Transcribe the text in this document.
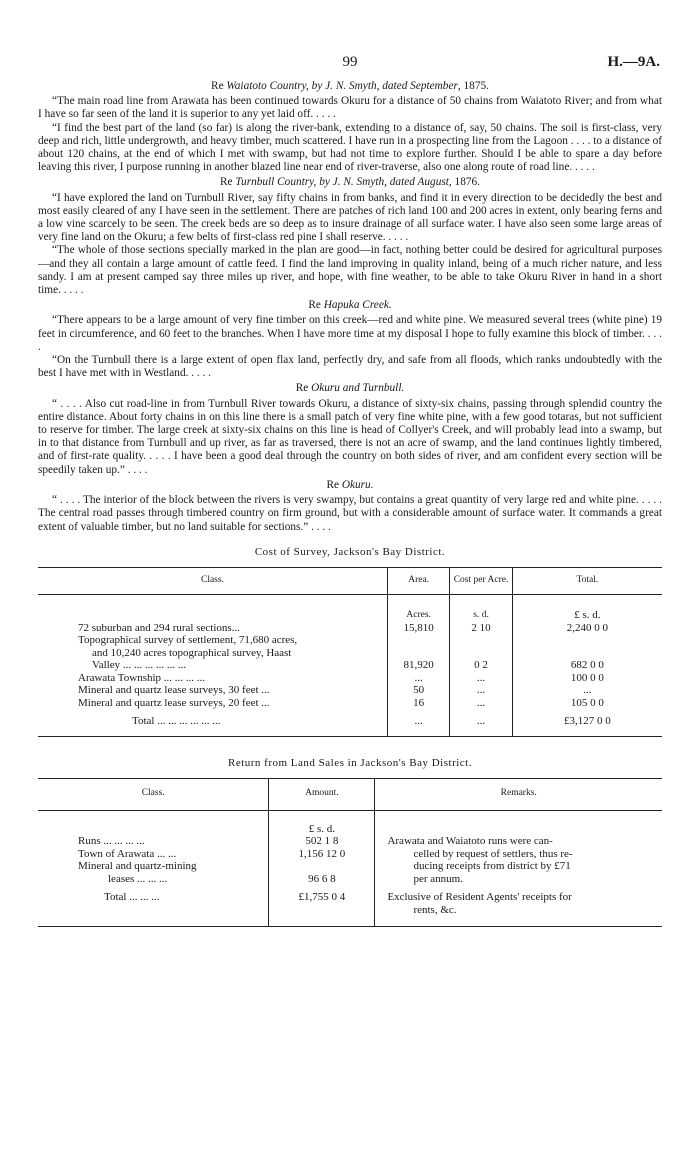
99	H.—9A.
Re Waiatoto Country, by J. N. Smyth, dated September, 1875.

“The main road line from Arawata has been continued towards Okuru for a distance of 50 chains from Waiatoto River; and from what I have so far seen of the land it is superior to any yet laid off. . . . .

“I find the best part of the land (so far) is along the river-bank, extending to a distance of, say, 50 chains. The soil is first-class, very deep and rich, little undergrowth, and heavy timber, much scattered. I have run in a prospecting line from the Lagoon . . . . to a distance of about 120 chains, at the end of which I met with swamp, but had not time to explore further. Should I be able to spare a day before leaving this river, I purpose running in another blazed line near end of river-traverse, also one along route of road line. . . . .

Re Turnbull Country, by J. N. Smyth, dated August, 1876.

“I have explored the land on Turnbull River, say fifty chains in from banks, and find it in every direction to be decidedly the best and most easily cleared of any I have seen in the settlement. There are patches of rich land 100 and 200 acres in extent, only bearing ferns and a low vine scarcely to be seen. The creek beds are so deep as to insure drainage of all surface water. I have also seen some large areas of very fine land on the Okuru; a few belts of first-class red pine I shall reserve. . . . .

“The whole of those sections specially marked in the plan are good—in fact, nothing better could be desired for agricultural purposes—and they all contain a large amount of cattle feed. I find the land improving in quality inland, being of a much richer nature, and less sandy. I am at present camped say three miles up river, and hope, with fine weather, to be able to take Okuru River in hand in a short time. . . . .

Re Hapuka Creek.

“There appears to be a large amount of very fine timber on this creek—red and white pine. We measured several trees (white pine) 19 feet in circumference, and 60 feet to the branches. When I have more time at my disposal I hope to fully examine this block of timber. . . . .

“On the Turnbull there is a large extent of open flax land, perfectly dry, and safe from all floods, which ranks undoubtedly with the best I have met with in Westland. . . . .

Re Okuru and Turnbull.

“ . . . . Also cut road-line in from Turnbull River towards Okuru, a distance of sixty-six chains, passing through splendid country the entire distance. About forty chains in on this line there is a small patch of very fine white pine, with a few good totaras, but not sufficient to reserve for timber. The large creek at sixty-six chains on this line is head of Collyer's Creek, and will probably lead into a swamp, but in to that distance from Turnbull and up river, as far as traversed, there is not an acre of swamp, and the land continues lightly timbered, and of first-rate quality. . . . . I have been a good deal through the country on both sides of river, and am confident every section will be speedily taken up.” . . . .

Re Okuru.

“ . . . . The interior of the block between the rivers is very swampy, but contains a great quantity of very large red and white pine. . . . . The central road passes through timbered country on firm ground, but with a considerable amount of surface water. It commands a great extent of valuable timber, but no land suitable for sections.” . . . .

Cost of Survey, Jackson's Bay District.
Class.	Area.	Cost per Acre.	Total.
	Acres.	s. d.	£ s. d.
72 suburban and 294 rural sections...	15,810	2 10	2,240 0 0
Topographical survey of settlement, 71,680 acres,			
and 10,240 acres topographical survey, Haast			
Valley ... ... ... ... ... ...	81,920	0 2	682 0 0
Arawata Township ... ... ... ...	...	...	100 0 0
Mineral and quartz lease surveys, 30 feet ...	50	...	...
Mineral and quartz lease surveys, 20 feet ...	16	...	105 0 0
Total ... ... ... ... ... ...	...	...	£3,127 0 0
Return from Land Sales in Jackson's Bay District.
Class.	Amount.	Remarks.
	£ s. d.	
Runs ... ... ... ...	502 1 8	Arawata and Waiatoto runs were can-
Town of Arawata ... ...	1,156 12 0	celled by request of settlers, thus re-
Mineral and quartz-mining		ducing receipts from district by £71
leases ... ... ...	96 6 8	per annum.
Total ... ... ...	£1,755 0 4	Exclusive of Resident Agents' receipts for
rents, &c.
